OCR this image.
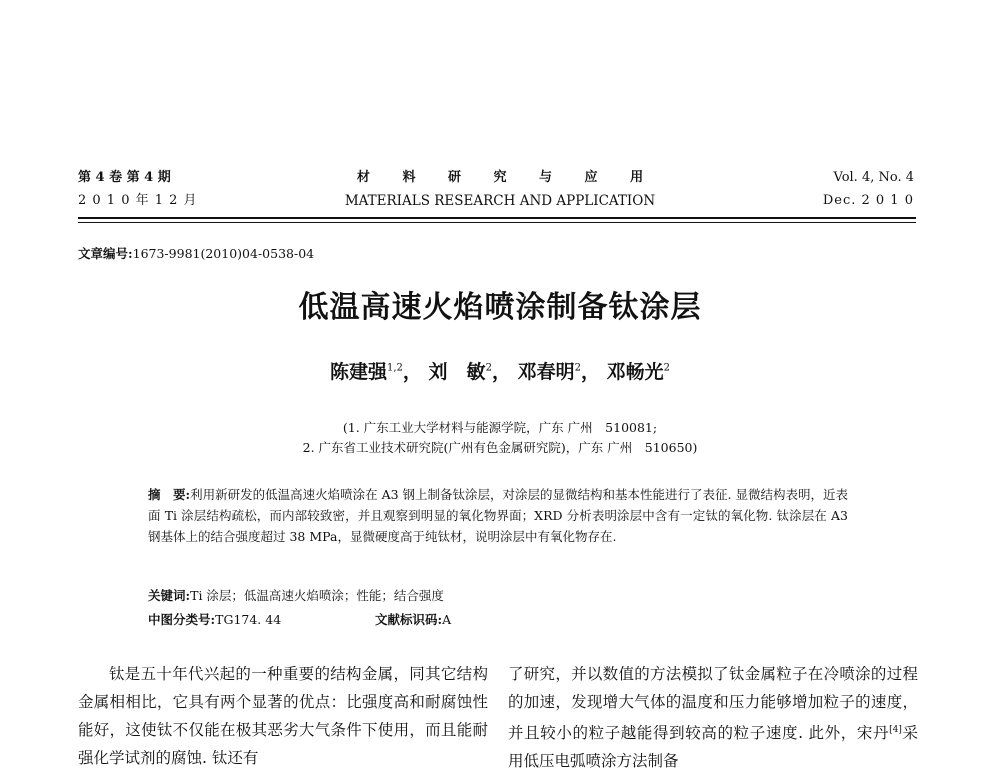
第 4 卷 第 4 期
2 0 1 0 年 1 2 月
材 料 研 究 与 应 用
MATERIALS RESEARCH AND APPLICATION
Vol. 4, No. 4
Dec. 2 0 1 0
文章编号:1673-9981(2010)04-0538-04
低温高速火焰喷涂制备钛涂层
陈建强$^{1,2}$， 刘　敏$^2$， 邓春明$^2$， 邓畅光$^2$
(1. 广东工业大学材料与能源学院，广东 广州　510081;
2. 广东省工业技术研究院(广州有色金属研究院)，广东 广州　510650)
摘　要:利用新研发的低温高速火焰喷涂在 A3 钢上制备钛涂层，对涂层的显微结构和基本性能进行了表征. 显微结构表明，近表面 Ti 涂层结构疏松，而内部较致密，并且观察到明显的氧化物界面；XRD 分析表明涂层中含有一定钛的氧化物. 钛涂层在 A3 钢基体上的结合强度超过 38 MPa，显微硬度高于纯钛材，说明涂层中有氧化物存在.
关键词:Ti 涂层；低温高速火焰喷涂；性能；结合强度
中图分类号:TG174. 44	文献标识码:A

钛是五十年代兴起的一种重要的结构金属，同其它结构金属相相比，它具有两个显著的优点：比强度高和耐腐蚀性能好，这使钛不仅能在极其恶劣大气条件下使用，而且能耐强化学试剂的腐蚀. 钛还有

了研究，并以数值的方法模拟了钛金属粒子在冷喷涂的过程的加速，发现增大气体的温度和压力能够增加粒子的速度，并且较小的粒子越能得到较高的粒子速度. 此外，宋丹[4]采用低压电弧喷涂方法制备
